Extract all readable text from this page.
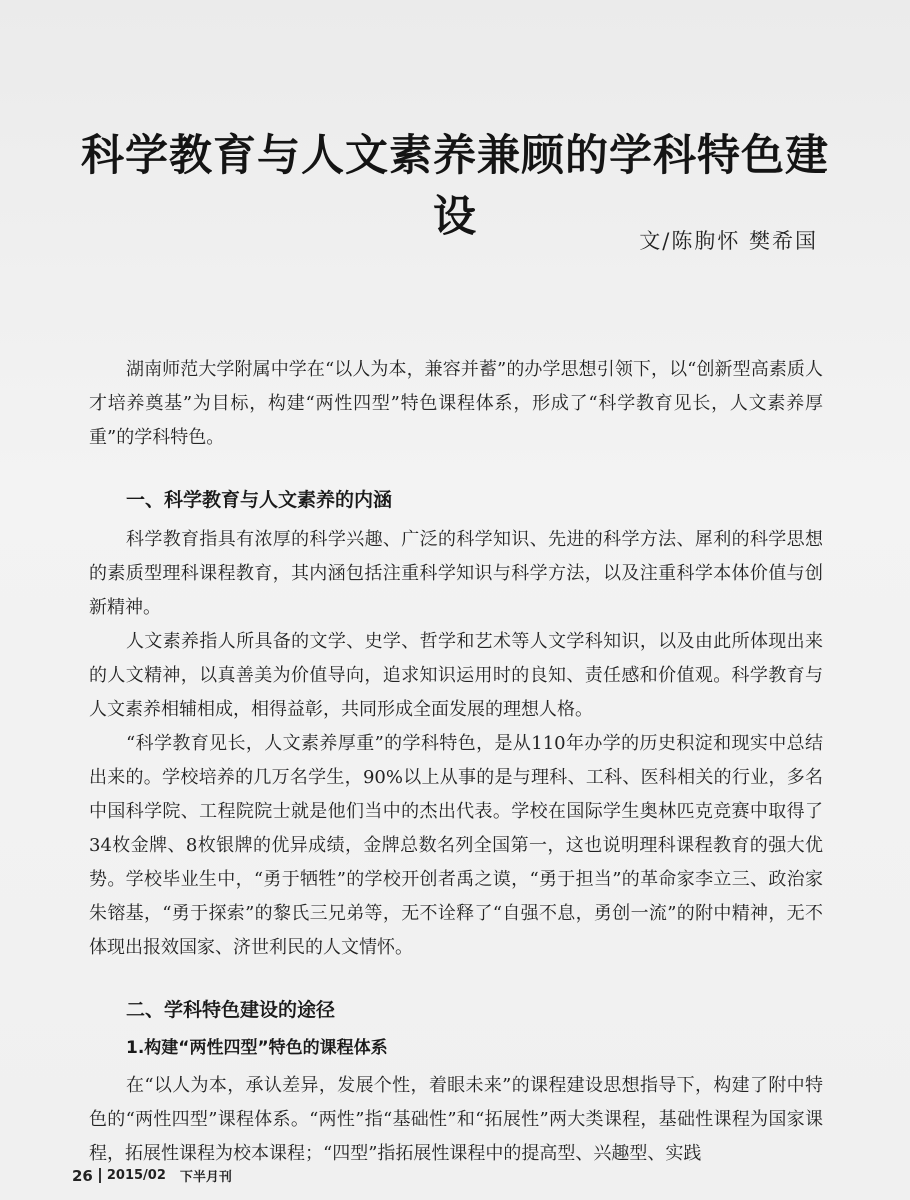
科学教育与人文素养兼顾的学科特色建设	文/陈朐怀 樊希国

湖南师范大学附属中学在“以人为本，兼容并蓄”的办学思想引领下，以“创新型高素质人才培养奠基”为目标，构建“两性四型”特色课程体系，形成了“科学教育见长，人文素养厚重”的学科特色。

一、科学教育与人文素养的内涵

科学教育指具有浓厚的科学兴趣、广泛的科学知识、先进的科学方法、犀利的科学思想的素质型理科课程教育，其内涵包括注重科学知识与科学方法，以及注重科学本体价值与创新精神。

人文素养指人所具备的文学、史学、哲学和艺术等人文学科知识，以及由此所体现出来的人文精神，以真善美为价值导向，追求知识运用时的良知、责任感和价值观。科学教育与人文素养相辅相成，相得益彰，共同形成全面发展的理想人格。

“科学教育见长，人文素养厚重”的学科特色，是从110年办学的历史积淀和现实中总结出来的。学校培养的几万名学生，90%以上从事的是与理科、工科、医科相关的行业，多名中国科学院、工程院院士就是他们当中的杰出代表。学校在国际学生奥林匹克竞赛中取得了34枚金牌、8枚银牌的优异成绩，金牌总数名列全国第一，这也说明理科课程教育的强大优势。学校毕业生中，“勇于牺牲”的学校开创者禹之谟，“勇于担当”的革命家李立三、政治家朱镕基，“勇于探索”的黎氏三兄弟等，无不诠释了“自强不息，勇创一流”的附中精神，无不体现出报效国家、济世利民的人文情怀。

二、学科特色建设的途径
1.构建“两性四型”特色的课程体系

在“以人为本，承认差异，发展个性，着眼未来”的课程建设思想指导下，构建了附中特色的“两性四型”课程体系。“两性”指“基础性”和“拓展性”两大类课程，基础性课程为国家课程，拓展性课程为校本课程；“四型”指拓展性课程中的提高型、兴趣型、实践

26 2015/02 下半月刊
